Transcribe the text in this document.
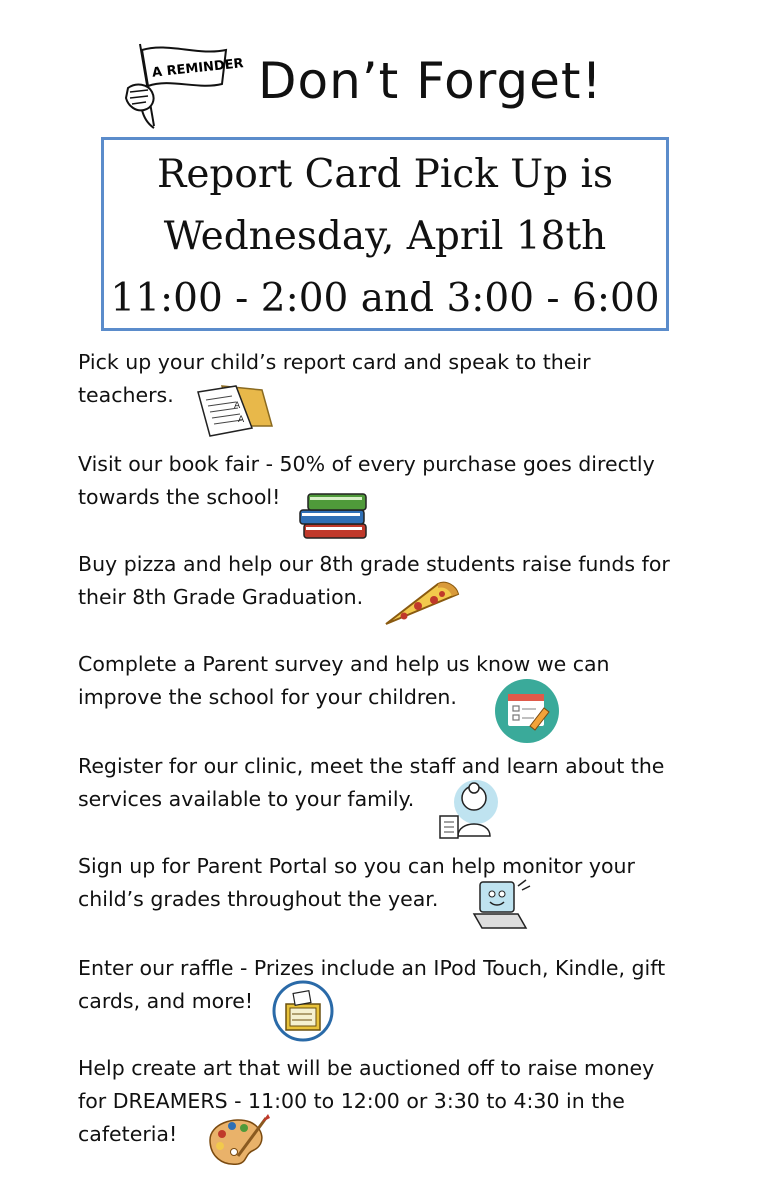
A REMINDER Don’t Forget!
Report Card Pick Up is
Wednesday, April 18th
11:00 - 2:00 and 3:00 - 6:00

Pick up your child’s report card and speak to their

teachers.	A
A

Visit our book fair - 50% of every purchase goes directly

towards the school!

Buy pizza and help our 8th grade students raise funds for

their 8th Grade Graduation.

Complete a Parent survey and help us know we can

improve the school for your children.

Register for our clinic, meet the staff and learn about the

services available to your family.

Sign up for Parent Portal so you can help monitor your

child’s grades throughout the year.

Enter our raffle - Prizes include an IPod Touch, Kindle, gift

cards, and more!

Help create art that will be auctioned off to raise money

for DREAMERS - 11:00 to 12:00 or 3:30 to 4:30 in the

cafeteria!
